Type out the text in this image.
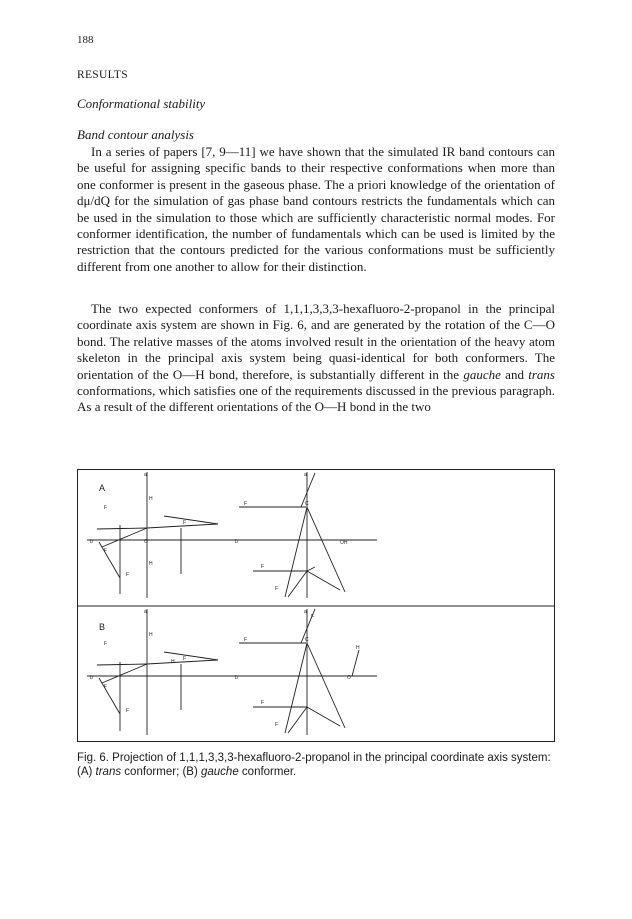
188
RESULTS
Conformational stability
Band contour analysis

In a series of papers [7, 9—11] we have shown that the simulated IR band contours can be useful for assigning specific bands to their respective conformations when more than one conformer is present in the gaseous phase. The a priori knowledge of the orientation of dμ/dQ for the simulation of gas phase band contours restricts the fundamentals which can be used in the simulation to those which are sufficiently characteristic normal modes. For conformer identification, the number of fundamentals which can be used is limited by the restriction that the contours predicted for the various conformations must be sufficiently different from one another to allow for their distinction.

The two expected conformers of 1,1,1,3,3,3-hexafluoro-2-propanol in the principal coordinate axis system are shown in Fig. 6, and are generated by the rotation of the C—O bond. The relative masses of the atoms involved result in the orientation of the heavy atom skeleton in the principal axis system being quasi-identical for both conformers. The orientation of the O—H bond, therefore, is substantially different in the gauche and trans conformations, which satisfies one of the requirements discussed in the previous paragraph. As a result of the different orientations of the O—H bond in the two

A
a
H
F
O
F
b
F
F
H
a
C
F
b	OH
F
F
B
a
H
F
H F
b
F
F
a
F
C
F
H
b	O
F
F

Fig. 6. Projection of 1,1,1,3,3,3-hexafluoro-2-propanol in the principal coordinate axis system: (A) trans conformer; (B) gauche conformer.
